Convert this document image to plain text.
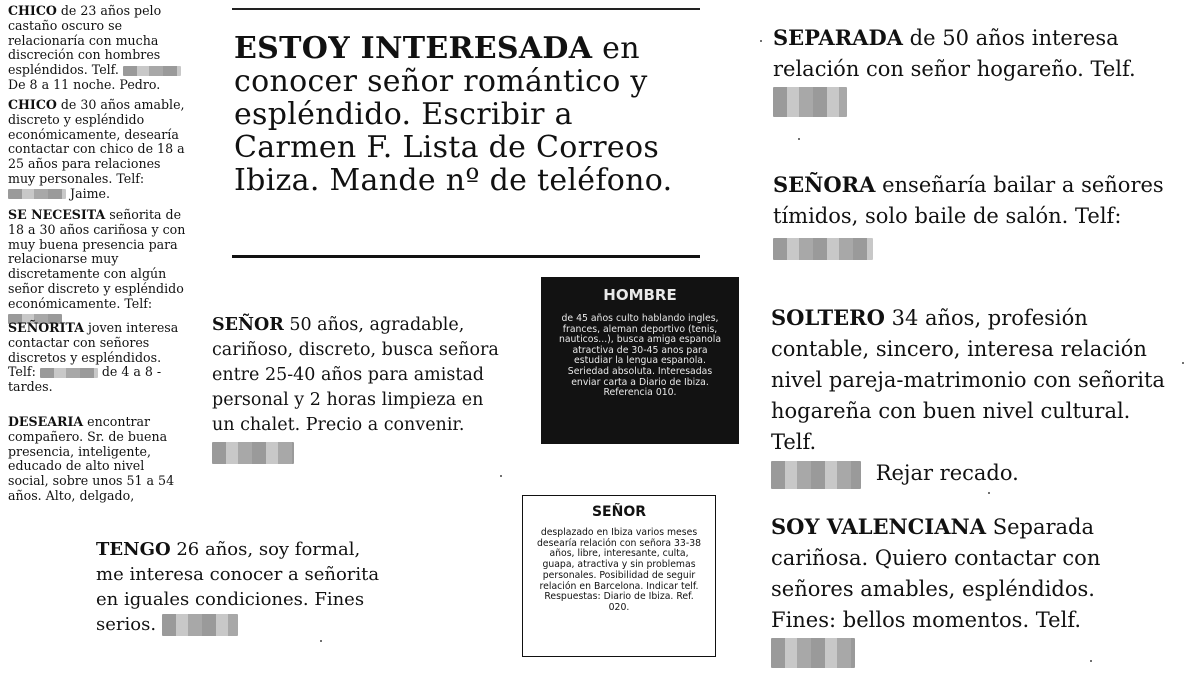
CHICO de 23 años pelo castaño oscuro se relacionaría con mucha discreción con hombres espléndidos. Telf.  De 8 a 11 noche. Pedro.

CHICO de 30 años amable, discreto y espléndido económicamente, desearía contactar con chico de 18 a 25 años para relaciones muy personales. Telf:  Jaime.

SE NECESITA señorita de 18 a 30 años cariñosa y con muy buena presencia para relacionarse muy discretamente con algún señor discreto y espléndido económicamente. Telf:

SEÑORITA joven interesa contactar con señores discretos y espléndidos. Telf:	de 4 a 8 - tardes.

DESEARIA encontrar compañero. Sr. de buena presencia, inteligente, educado de alto nivel social, sobre unos 51 a 54 años. Alto, delgado,

ESTOY INTERESADA en conocer señor romántico y espléndido. Escribir a Carmen F. Lista de Correos Ibiza. Mande nº de teléfono.

SEÑOR 50 años, agradable, cariñoso, discreto, busca señora entre 25-40 años para amistad personal y 2 horas limpieza en un chalet. Precio a convenir.

HOMBRE
de 45 años culto hablando ingles, frances, aleman deportivo (tenis, nauticos...), busca amiga espanola atractiva de 30-45 anos para estudiar la lengua espanola. Seriedad absoluta. Interesadas enviar carta a Diario de Ibiza. Referencia 010.
SEÑOR
desplazado en Ibiza varios meses desearía relación con señora 33-38 años, libre, interesante, culta, guapa, atractiva y sin problemas personales. Posibilidad de seguir relación en Barcelona. Indicar telf. Respuestas: Diario de Ibiza. Ref. 020.

TENGO 26 años, soy formal, me interesa conocer a señorita en iguales condiciones. Fines serios.

SEPARADA de 50 años interesa relación con señor hogareño. Telf.

SEÑORA enseñaría bailar a señores tímidos, solo baile de salón. Telf:

SOLTERO 34 años, profesión contable, sincero, interesa relación nivel pareja-matrimonio con señorita hogareña con buen nivel cultural. Telf.
Rejar recado.

SOY VALENCIANA Separada cariñosa. Quiero contactar con señores amables, espléndidos. Fines: bellos momentos. Telf.
